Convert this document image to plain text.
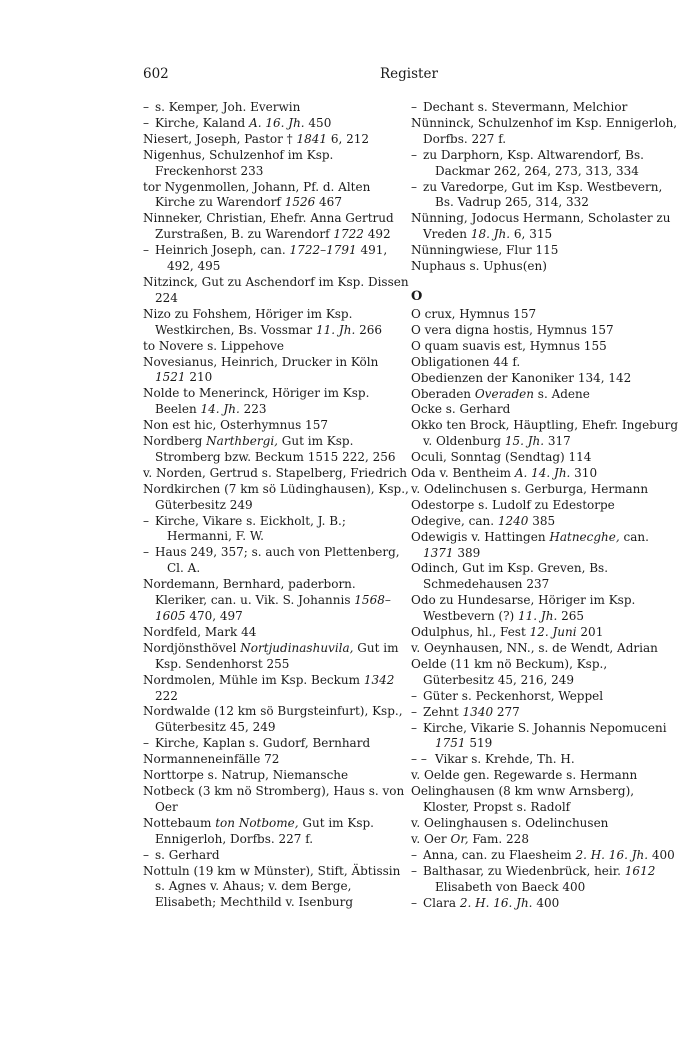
602	Register

– s. Kemper, Joh. Everwin

– Kirche, Kaland A. 16. Jh. 450

Niesert, Joseph, Pastor † 1841 6, 212

Nigenhus, Schulzenhof im Ksp. Freckenhorst 233

tor Nygenmollen, Johann, Pf. d. Alten Kirche zu Warendorf 1526 467

Ninneker, Christian, Ehefr. Anna Gertrud Zurstraßen, B. zu Warendorf 1722 492

– Heinrich Joseph, can. 1722–1791 491, 492, 495

Nitzinck, Gut zu Aschendorf im Ksp. Dissen 224

Nizo zu Fohshem, Höriger im Ksp. Westkirchen, Bs. Vossmar 11. Jh. 266

to Novere s. Lippehove

Novesianus, Heinrich, Drucker in Köln 1521 210

Nolde to Menerinck, Höriger im Ksp. Beelen 14. Jh. 223

Non est hic, Osterhymnus 157

Nordberg Narthbergi, Gut im Ksp. Stromberg bzw. Beckum 1515 222, 256

v. Norden, Gertrud s. Stapelberg, Friedrich

Nordkirchen (7 km sö Lüdinghausen), Ksp., Güterbesitz 249

– Kirche, Vikare s. Eickholt, J. B.; Hermanni, F. W.

– Haus 249, 357; s. auch von Plettenberg, Cl. A.

Nordemann, Bernhard, paderborn. Kleriker, can. u. Vik. S. Johannis 1568–1605 470, 497

Nordfeld, Mark 44

Nordjönsthövel Nortjudinashuvila, Gut im Ksp. Sendenhorst 255

Nordmolen, Mühle im Ksp. Beckum 1342 222

Nordwalde (12 km sö Burgsteinfurt), Ksp., Güterbesitz 45, 249

– Kirche, Kaplan s. Gudorf, Bernhard

Normanneneinfälle 72

Norttorpe s. Natrup, Niemansche

Notbeck (3 km nö Stromberg), Haus s. von Oer

Nottebaum ton Notbome, Gut im Ksp. Ennigerloh, Dorfbs. 227 f.

– s. Gerhard

Nottuln (19 km w Münster), Stift, Äbtissin s. Agnes v. Ahaus; v. dem Berge, Elisabeth; Mechthild v. Isenburg

– Dechant s. Stevermann, Melchior

Nünninck, Schulzenhof im Ksp. Ennigerloh, Dorfbs. 227 f.

– zu Darphorn, Ksp. Altwarendorf, Bs. Dackmar 262, 264, 273, 313, 334

– zu Varedorpe, Gut im Ksp. Westbevern, Bs. Vadrup 265, 314, 332

Nünning, Jodocus Hermann, Scholaster zu Vreden 18. Jh. 6, 315

Nünningwiese, Flur 115

Nuphaus s. Uphus(en)

O

O crux, Hymnus 157

O vera digna hostis, Hymnus 157

O quam suavis est, Hymnus 155

Obligationen 44 f.

Obedienzen der Kanoniker 134, 142

Oberaden Overaden s. Adene

Ocke s. Gerhard

Okko ten Brock, Häuptling, Ehefr. Ingeburg v. Oldenburg 15. Jh. 317

Oculi, Sonntag (Sendtag) 114

Oda v. Bentheim A. 14. Jh. 310

v. Odelinchusen s. Gerburga, Hermann

Odestorpe s. Ludolf zu Edestorpe

Odegive, can. 1240 385

Odewigis v. Hattingen Hatnecghe, can. 1371 389

Odinch, Gut im Ksp. Greven, Bs. Schmedehausen 237

Odo zu Hundesarse, Höriger im Ksp. Westbevern (?) 11. Jh. 265

Odulphus, hl., Fest 12. Juni 201

v. Oeynhausen, NN., s. de Wendt, Adrian

Oelde (11 km nö Beckum), Ksp., Güterbesitz 45, 216, 249

– Güter s. Peckenhorst, Weppel

– Zehnt 1340 277

– Kirche, Vikarie S. Johannis Nepomuceni 1751 519

– – Vikar s. Krehde, Th. H.

v. Oelde gen. Regewarde s. Hermann

Oelinghausen (8 km wnw Arnsberg), Kloster, Propst s. Radolf

v. Oelinghausen s. Odelinchusen

v. Oer Or, Fam. 228

– Anna, can. zu Flaesheim 2. H. 16. Jh. 400

– Balthasar, zu Wiedenbrück, heir. 1612 Elisabeth von Baeck 400

– Clara 2. H. 16. Jh. 400
